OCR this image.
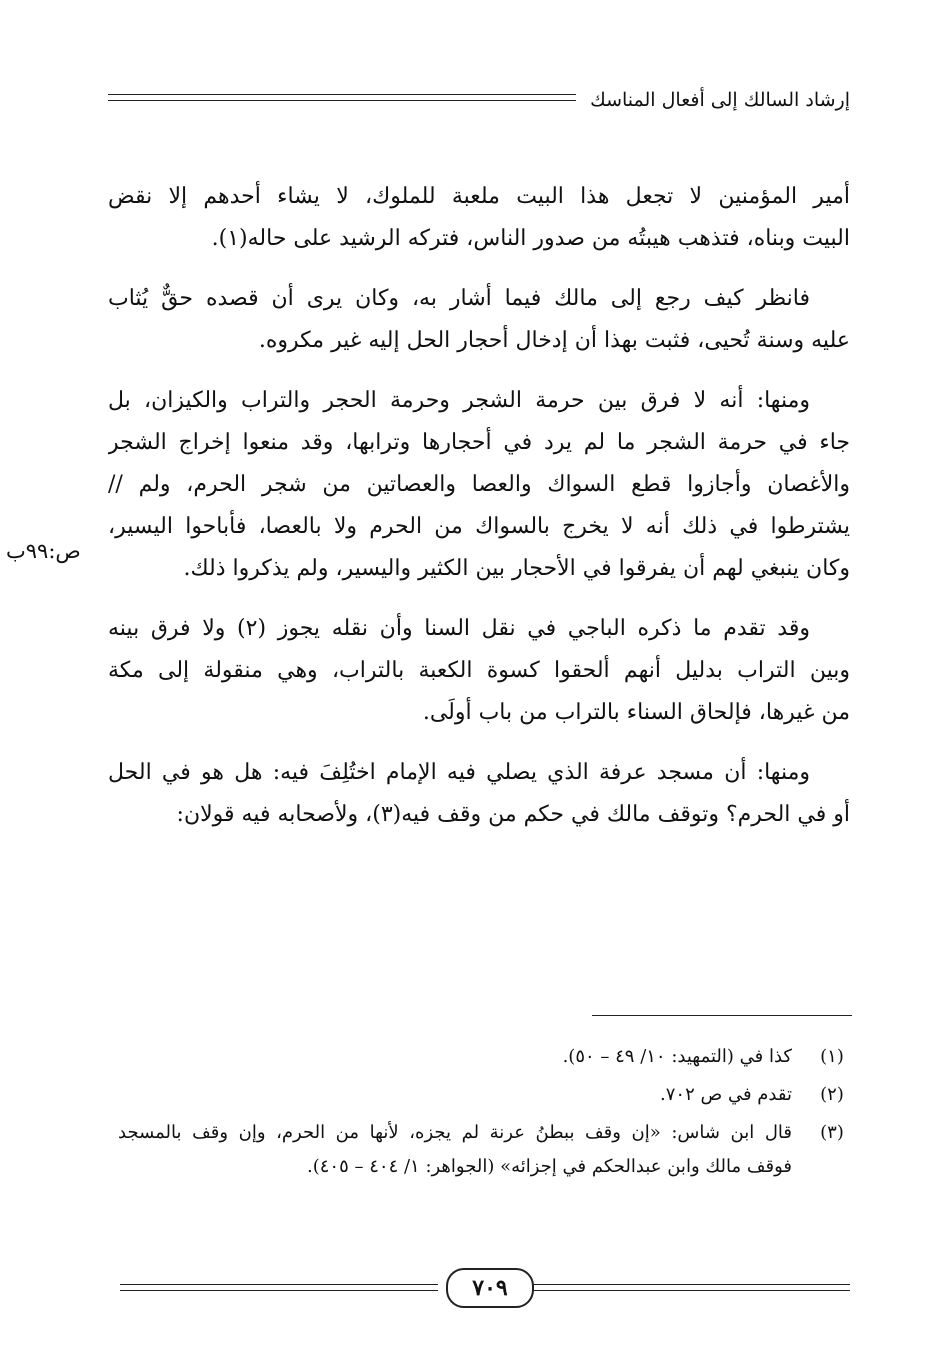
إرشاد السالك إلى أفعال المناسك
أمير المؤمنين لا تجعل هذا البيت ملعبة للملوك، لا يشاء أحدهم إلا نقض
البيت وبناه، فتذهب هيبتُه من صدور الناس، فتركه الرشيد على حاله(١).
فانظر كيف رجع إلى مالك فيما أشار به، وكان يرى أن قصده حقٌّ يُثاب
عليه وسنة تُحيى، فثبت بهذا أن إدخال أحجار الحل إليه غير مكروه.
ومنها: أنه لا فرق بين حرمة الشجر وحرمة الحجر والتراب والكيزان، بل
جاء في حرمة الشجر ما لم يرد في أحجارها وترابها، وقد منعوا إخراج الشجر
والأغصان وأجازوا قطع السواك والعصا والعصاتين من شجر الحرم، ولم //
يشترطوا في ذلك أنه لا يخرج بالسواك من الحرم ولا بالعصا، فأباحوا اليسير،
وكان ينبغي لهم أن يفرقوا في الأحجار بين الكثير واليسير، ولم يذكروا ذلك.
وقد تقدم ما ذكره الباجي في نقل السنا وأن نقله يجوز (٢) ولا فرق بينه
وبين التراب بدليل أنهم ألحقوا كسوة الكعبة بالتراب، وهي منقولة إلى مكة
من غيرها، فإلحاق السناء بالتراب من باب أولَى.
ومنها: أن مسجد عرفة الذي يصلي فيه الإمام اختُلِفَ فيه: هل هو في الحل
أو في الحرم؟ وتوقف مالك في حكم من وقف فيه(٣)، ولأصحابه فيه قولان:
ص:٩٩ب
(١)
كذا في (التمهيد: ١٠/ ٤٩ – ٥٠).
(٢)
تقدم في ص ٧٠٢.
(٣)
قال ابن شاس: «إن وقف ببطنُ عرنة لم يجزه، لأنها من الحرم، وإن وقف بالمسجد
فوقف مالك وابن عبدالحكم في إجزائه» (الجواهر: ١/ ٤٠٤ – ٤٠٥).
٧٠٩
